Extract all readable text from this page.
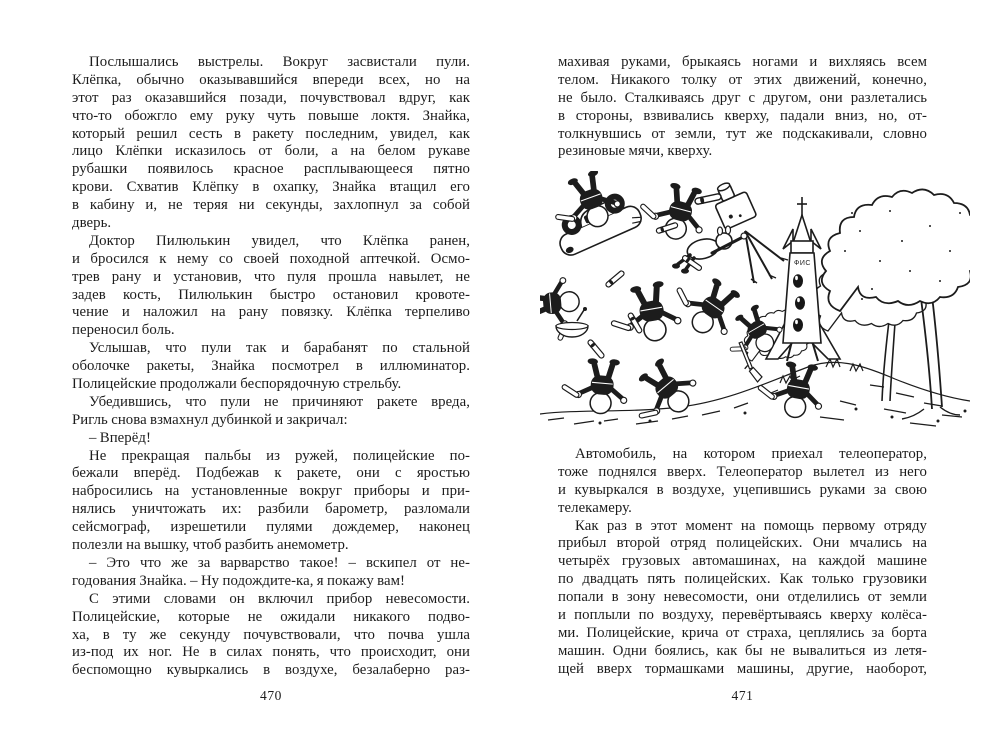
Послышались выстрелы. Вокруг засвистали пули.
Клёпка, обычно оказывавшийся впереди всех, но на
этот раз оказавшийся позади, почувствовал вдруг, как
что-то обожгло ему руку чуть повыше локтя. Знайка,
который решил сесть в ракету последним, увидел, как
лицо Клёпки исказилось от боли, а на белом рукаве
рубашки появилось красное расплывающееся пятно
крови. Схватив Клёпку в охапку, Знайка втащил его
в кабину и, не теряя ни секунды, захлопнул за собой
дверь.
Доктор Пилюлькин увидел, что Клёпка ранен,
и бросился к нему со своей походной аптечкой. Осмо-
трев рану и установив, что пуля прошла навылет, не
задев кость, Пилюлькин быстро остановил кровоте-
чение и наложил на рану повязку. Клёпка терпеливо
переносил боль.
Услышав, что пули так и барабанят по стальной
оболочке ракеты, Знайка посмотрел в иллюминатор.
Полицейские продолжали беспорядочную стрельбу.
Убедившись, что пули не причиняют ракете вреда,
Ригль снова взмахнул дубинкой и закричал:
– Вперёд!
Не прекращая пальбы из ружей, полицейские по-
бежали вперёд. Подбежав к ракете, они с яростью
набросились на установленные вокруг приборы и при-
нялись уничтожать их: разбили барометр, разломали
сейсмограф, изрешетили пулями дождемер, наконец
полезли на вышку, чтоб разбить анемометр.
– Это что же за варварство такое! – вскипел от не-
годования Знайка. – Ну подождите-ка, я покажу вам!
С этими словами он включил прибор невесомости.
Полицейские, которые не ожидали никакого подво-
ха, в ту же секунду почувствовали, что почва ушла
из-под их ног. Не в силах понять, что происходит, они
беспомощно кувыркались в воздухе, безалаберно раз-
470
махивая руками, брыкаясь ногами и вихляясь всем
телом. Никакого толку от этих движений, конечно,
не было. Сталкиваясь друг с другом, они разлетались
в стороны, взвивались кверху, падали вниз, но, от-
толкнувшись от земли, тут же подскакивали, словно
резиновые мячи, кверху.
ФИС
Автомобиль, на котором приехал телеоператор,
тоже поднялся вверх. Телеоператор вылетел из него
и кувыркался в воздухе, уцепившись руками за свою
телекамеру.
Как раз в этот момент на помощь первому отряду
прибыл второй отряд полицейских. Они мчались на
четырёх грузовых автомашинах, на каждой машине
по двадцать пять полицейских. Как только грузовики
попали в зону невесомости, они отделились от земли
и поплыли по воздуху, перевёртываясь кверху колёса-
ми. Полицейские, крича от страха, цеплялись за борта
машин. Одни боялись, как бы не вывалиться из летя-
щей вверх тормашками машины, другие, наоборот,
471
